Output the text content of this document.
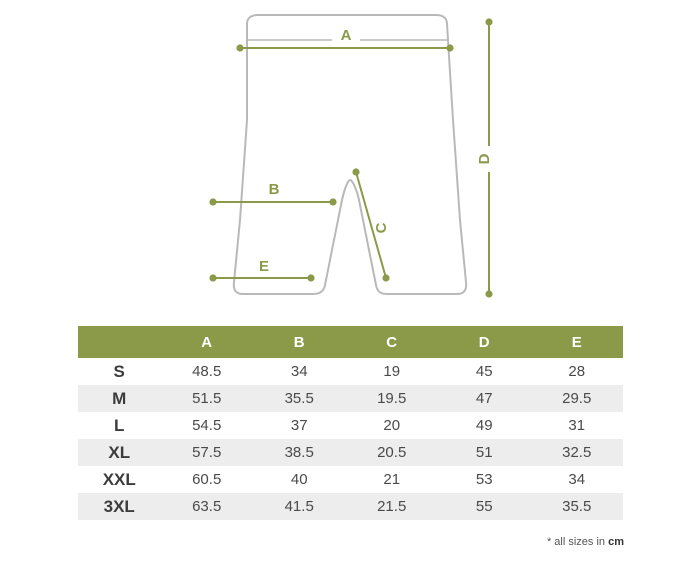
A
B
C
D
E
	A	B	C	D	E
S	48.5	34	19	45	28
M	51.5	35.5	19.5	47	29.5
L	54.5	37	20	49	31
XL	57.5	38.5	20.5	51	32.5
XXL	60.5	40	21	53	34
3XL	63.5	41.5	21.5	55	35.5
* all sizes in cm
